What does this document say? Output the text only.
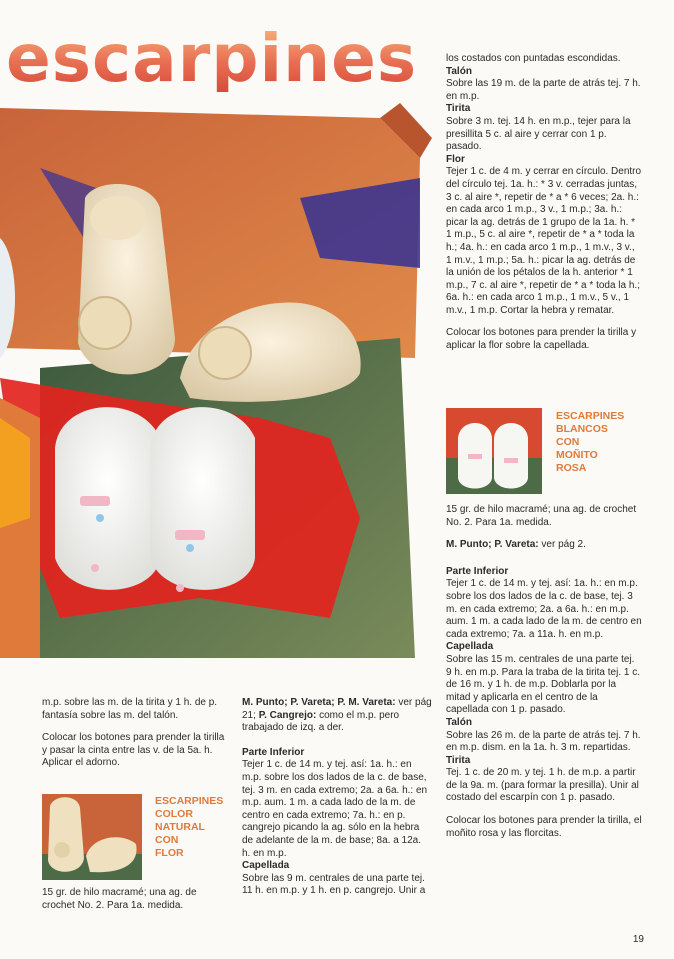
escarpines	los costados con puntadas escondidas.

Talón

Sobre las 19 m. de la parte de atrás tej. 7 h. en m.p.

Tirita

Sobre 3 m. tej. 14 h. en m.p., tejer para la presillita 5 c. al aire y cerrar con 1 p. pasado.

Flor

Tejer 1 c. de 4 m. y cerrar en círculo. Dentro del círculo tej. 1a. h.: * 3 v. cerradas juntas, 3 c. al aire *, repetir de * a * 6 veces; 2a. h.: en cada arco 1 m.p., 3 v., 1 m.p.; 3a. h.: picar la ag. detrás de 1 grupo de la 1a. h. * 1 m.p., 5 c. al aire *, repetir de * a * toda la h.; 4a. h.: en cada arco 1 m.p., 1 m.v., 3 v., 1 m.v., 1 m.p.; 5a. h.: picar la ag. detrás de la unión de los pétalos de la h. anterior * 1 m.p., 7 c. al aire *, repetir de * a * toda la h.; 6a. h.: en cada arco 1 m.p., 1 m.v., 5 v., 1 m.v., 1 m.p. Cortar la hebra y rematar.

Colocar los botones para prender la tirilla y aplicar la flor sobre la capellada.

ESCARPINES
BLANCOS
CON
MOÑITO
ROSA

15 gr. de hilo macramé; una ag. de crochet No. 2. Para 1a. medida.

M. Punto; P. Vareta: ver pág 2.

Parte Inferior

Tejer 1 c. de 14 m. y tej. así: 1a. h.: en m.p. sobre los dos lados de la c. de base, tej. 3 m. en cada extremo; 2a. a 6a. h.: en m.p. aum. 1 m. a cada lado de la m. de centro en cada extremo; 7a. a 11a. h. en m.p.

Capellada

Sobre las 15 m. centrales de una parte tej. 9 h. en m.p. Para la traba de la tirita tej. 1 c. de 16 m. y 1 h. de m.p. Doblarla por la mitad y aplicarla en el centro de la capellada con 1 p. pasado.

Talón

Sobre las 26 m. de la parte de atrás tej. 7 h. en m.p. dism. en la 1a. h. 3 m. repartidas.

Tirita

Tej. 1 c. de 20 m. y tej. 1 h. de m.p. a partir de la 9a. m. (para formar la presilla). Unir al costado del escarpín con 1 p. pasado.

Colocar los botones para prender la tirilla, el moñito rosa y las florcitas.

m.p. sobre las m. de la tirita y 1 h. de p. fantasía sobre las m. del talón.

Colocar los botones para prender la tirilla y pasar la cinta entre las v. de la 5a. h. Aplicar el adorno.

ESCARPINES
COLOR
NATURAL
CON
FLOR

15 gr. de hilo macramé; una ag. de crochet No. 2. Para 1a. medida.

M. Punto; P. Vareta; P. M. Vareta: ver pág 21; P. Cangrejo: como el m.p. pero trabajado de izq. a der.

Parte Inferior

Tejer 1 c. de 14 m. y tej. así: 1a. h.: en m.p. sobre los dos lados de la c. de base, tej. 3 m. en cada extremo; 2a. a 6a. h.: en m.p. aum. 1 m. a cada lado de la m. de centro en cada extremo; 7a. h.: en p. cangrejo picando la ag. sólo en la hebra de adelante de la m. de base; 8a. a 12a. h. en m.p.

Capellada

Sobre las 9 m. centrales de una parte tej. 11 h. en m.p. y 1 h. en p. cangrejo. Unir a

19
